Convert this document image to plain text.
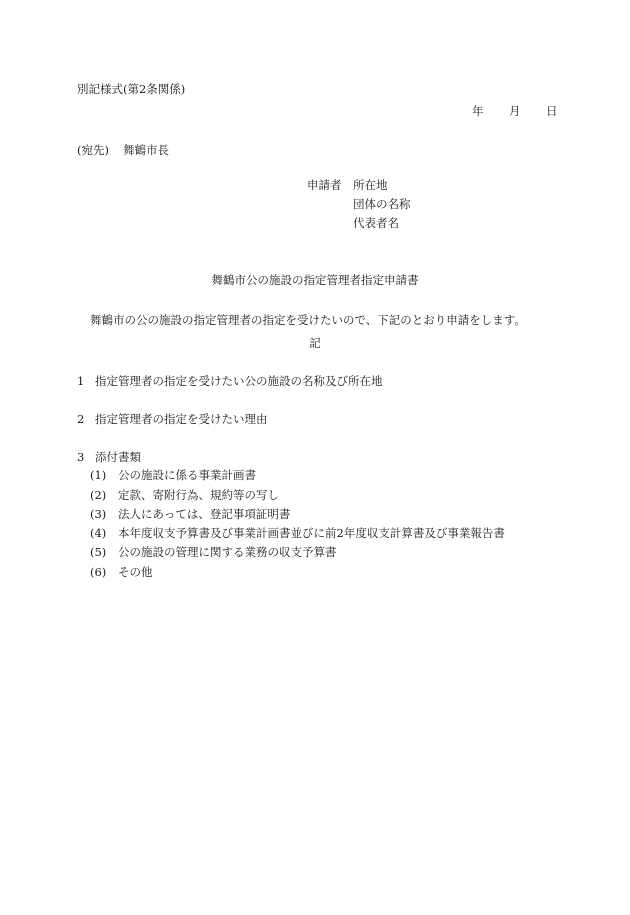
別記様式(第2条関係)
年 月 日
(宛先) 舞鶴市長
申請者 所在地
団体の名称
代表者名
舞鶴市公の施設の指定管理者指定申請書
舞鶴市の公の施設の指定管理者の指定を受けたいので、下記のとおり申請をします。
記
1 指定管理者の指定を受けたい公の施設の名称及び所在地
2 指定管理者の指定を受けたい理由
3 添付書類
(1) 公の施設に係る事業計画書
(2) 定款、寄附行為、規約等の写し
(3) 法人にあっては、登記事項証明書
(4) 本年度収支予算書及び事業計画書並びに前2年度収支計算書及び事業報告書
(5) 公の施設の管理に関する業務の収支予算書
(6) その他
